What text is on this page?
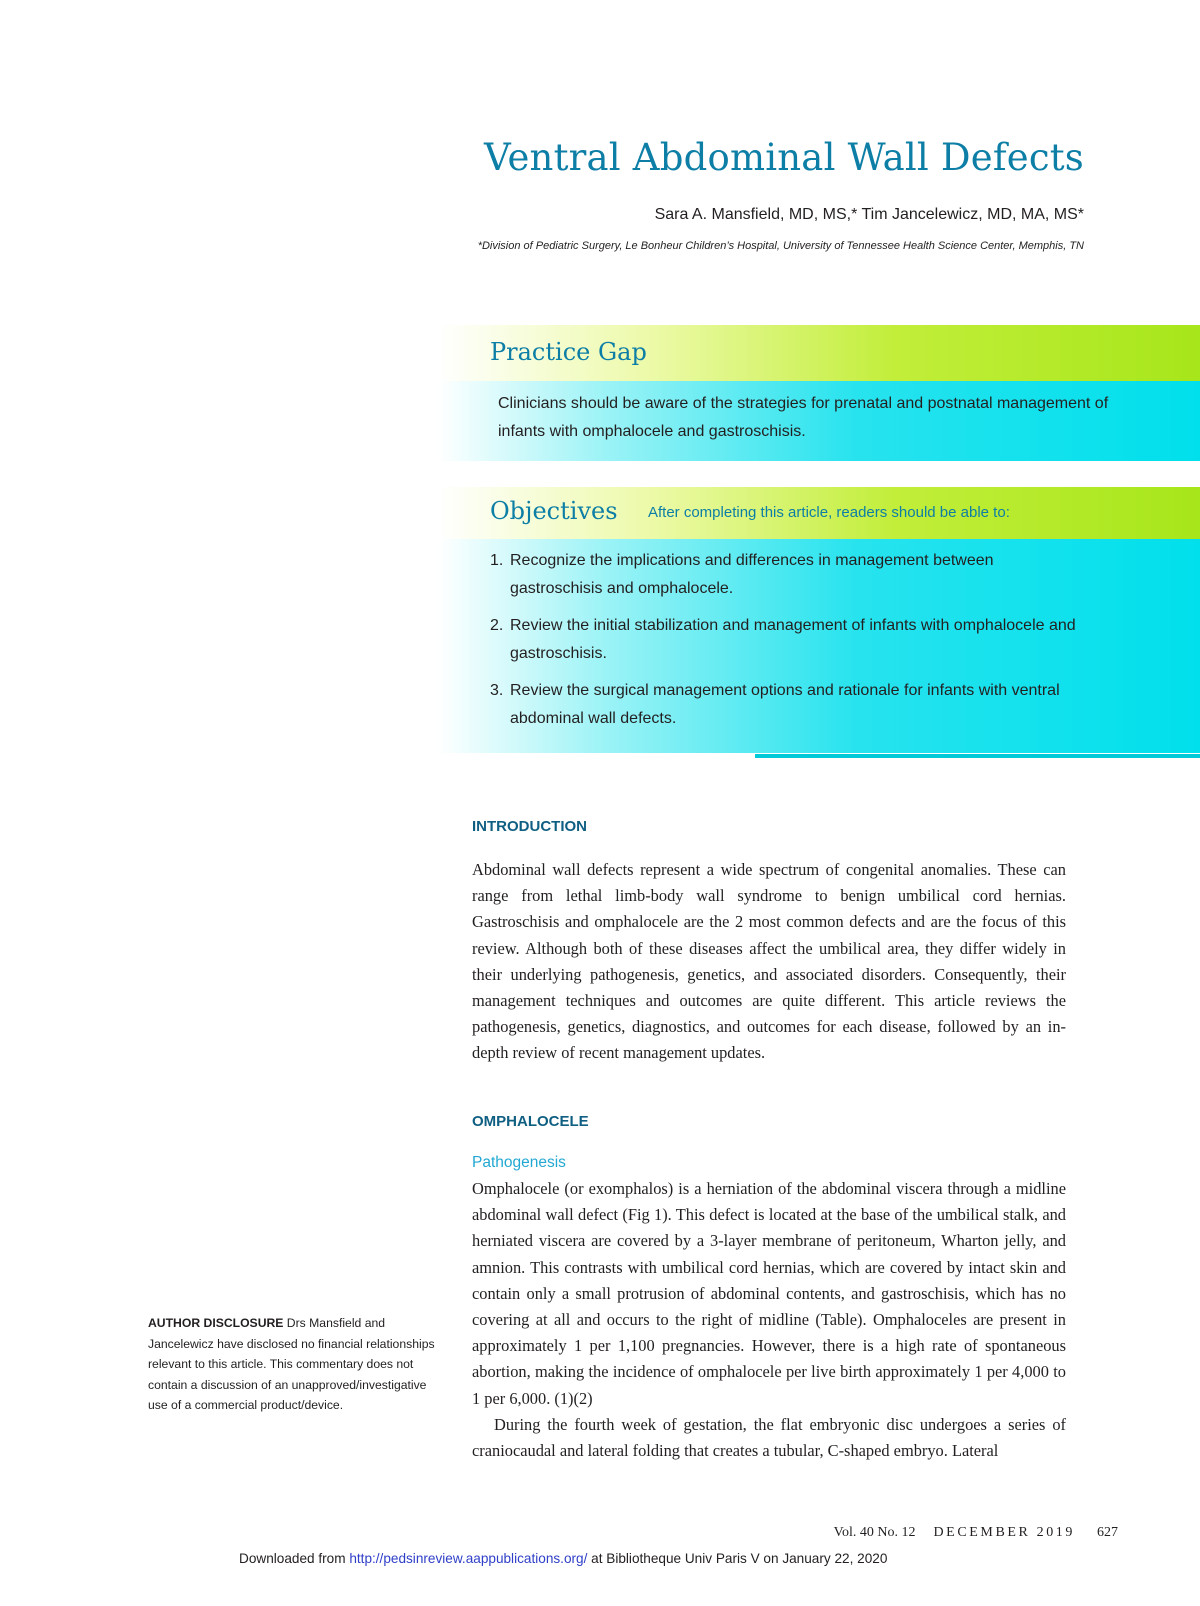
Ventral Abdominal Wall Defects
Sara A. Mansfield, MD, MS,* Tim Jancelewicz, MD, MA, MS*
*Division of Pediatric Surgery, Le Bonheur Children’s Hospital, University of Tennessee Health Science Center, Memphis, TN
Practice Gap

Clinicians should be aware of the strategies for prenatal and postnatal management of infants with omphalocele and gastroschisis.

Objectives After completing this article, readers should be able to:
1. Recognize the implications and differences in management between gastroschisis and omphalocele.
2. Review the initial stabilization and management of infants with omphalocele and gastroschisis.
3. Review the surgical management options and rationale for infants with ventral abdominal wall defects.
INTRODUCTION

Abdominal wall defects represent a wide spectrum of congenital anomalies. These can range from lethal limb-body wall syndrome to benign umbilical cord hernias. Gastroschisis and omphalocele are the 2 most common defects and are the focus of this review. Although both of these diseases affect the umbilical area, they differ widely in their underlying pathogenesis, genetics, and associated disorders. Consequently, their management techniques and outcomes are quite different. This article reviews the pathogenesis, genetics, diagnostics, and outcomes for each disease, followed by an in-depth review of recent management updates.

OMPHALOCELE
Pathogenesis

Omphalocele (or exomphalos) is a herniation of the abdominal viscera through a midline abdominal wall defect (Fig 1). This defect is located at the base of the umbilical stalk, and herniated viscera are covered by a 3-layer membrane of peritoneum, Wharton jelly, and amnion. This contrasts with umbilical cord hernias, which are covered by intact skin and contain only a small protrusion of abdominal contents, and gastroschisis, which has no covering at all and occurs to the right of midline (Table). Omphaloceles are present in approximately 1 per 1,100 pregnancies. However, there is a high rate of spontaneous abortion, making the incidence of omphalocele per live birth approximately 1 per 4,000 to 1 per 6,000. (1)(2)

During the fourth week of gestation, the flat embryonic disc undergoes a series of craniocaudal and lateral folding that creates a tubular, C-shaped embryo. Lateral

AUTHOR DISCLOSURE Drs Mansfield and Jancelewicz have disclosed no financial relationships relevant to this article. This commentary does not contain a discussion of an unapproved/investigative use of a commercial product/device.
Vol. 40 No. 12 DECEMBER 2019 627
Downloaded from http://pedsinreview.aappublications.org/ at Bibliotheque Univ Paris V on January 22, 2020
